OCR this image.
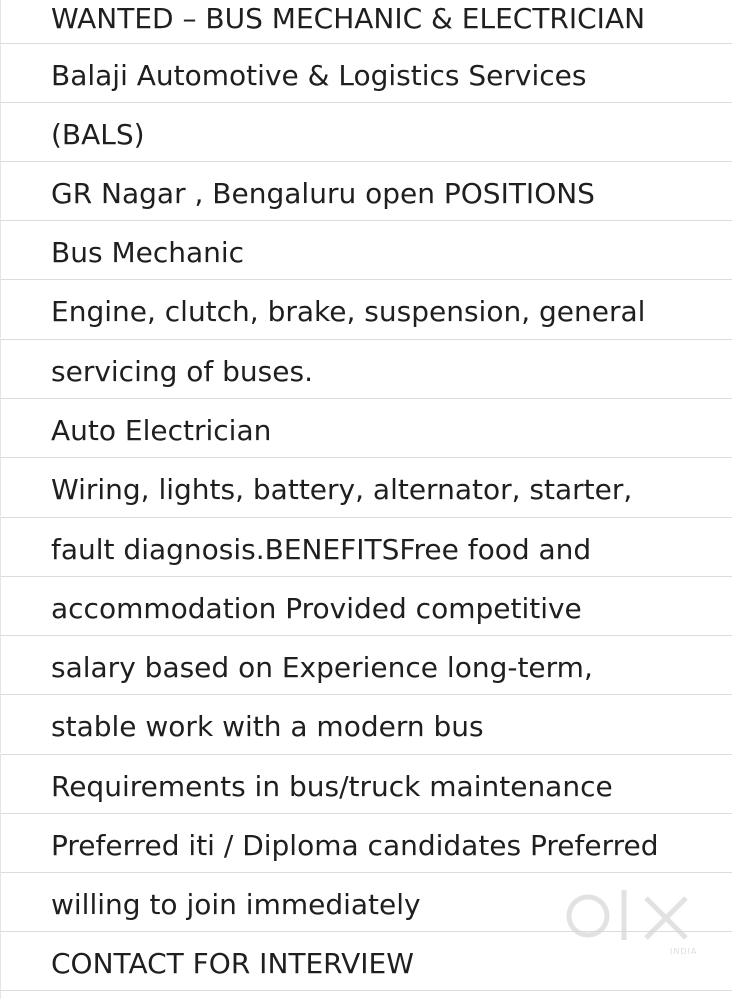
WANTED – BUS MECHANIC & ELECTRICIAN
Balaji Automotive & Logistics Services
(BALS)
GR Nagar , Bengaluru open POSITIONS
Bus Mechanic
Engine, clutch, brake, suspension, general
servicing of buses.
Auto Electrician
Wiring, lights, battery, alternator, starter,
fault diagnosis.BENEFITSFree food and
accommodation Provided competitive
salary based on Experience long-term,
stable work with a modern bus
Requirements in bus/truck maintenance
Preferred iti / Diploma candidates Preferred
willing to join immediately
CONTACT FOR INTERVIEW	INDIA
